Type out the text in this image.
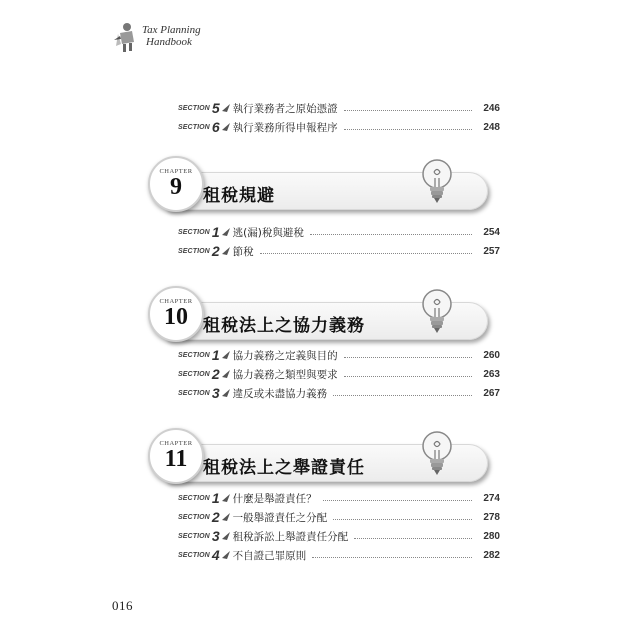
Tax Planning
Handbook
SECTION 5 執行業務者之原始憑證	246
SECTION 6 執行業務所得申報程序	248
CHAPTER
9	租稅規避
SECTION 1 逃(漏)稅與避稅	254
SECTION 2 節稅	257
CHAPTER
10 租稅法上之協力義務
SECTION 1 協力義務之定義與目的	260
SECTION 2 協力義務之類型與要求	263
SECTION 3 違反或未盡協力義務	267
CHAPTER
11 租稅法上之舉證責任
SECTION 1 什麼是舉證責任？	274
SECTION 2 一般舉證責任之分配	278
SECTION 3 租稅訴訟上舉證責任分配	280
SECTION 4 不自證己罪原則	282
016
